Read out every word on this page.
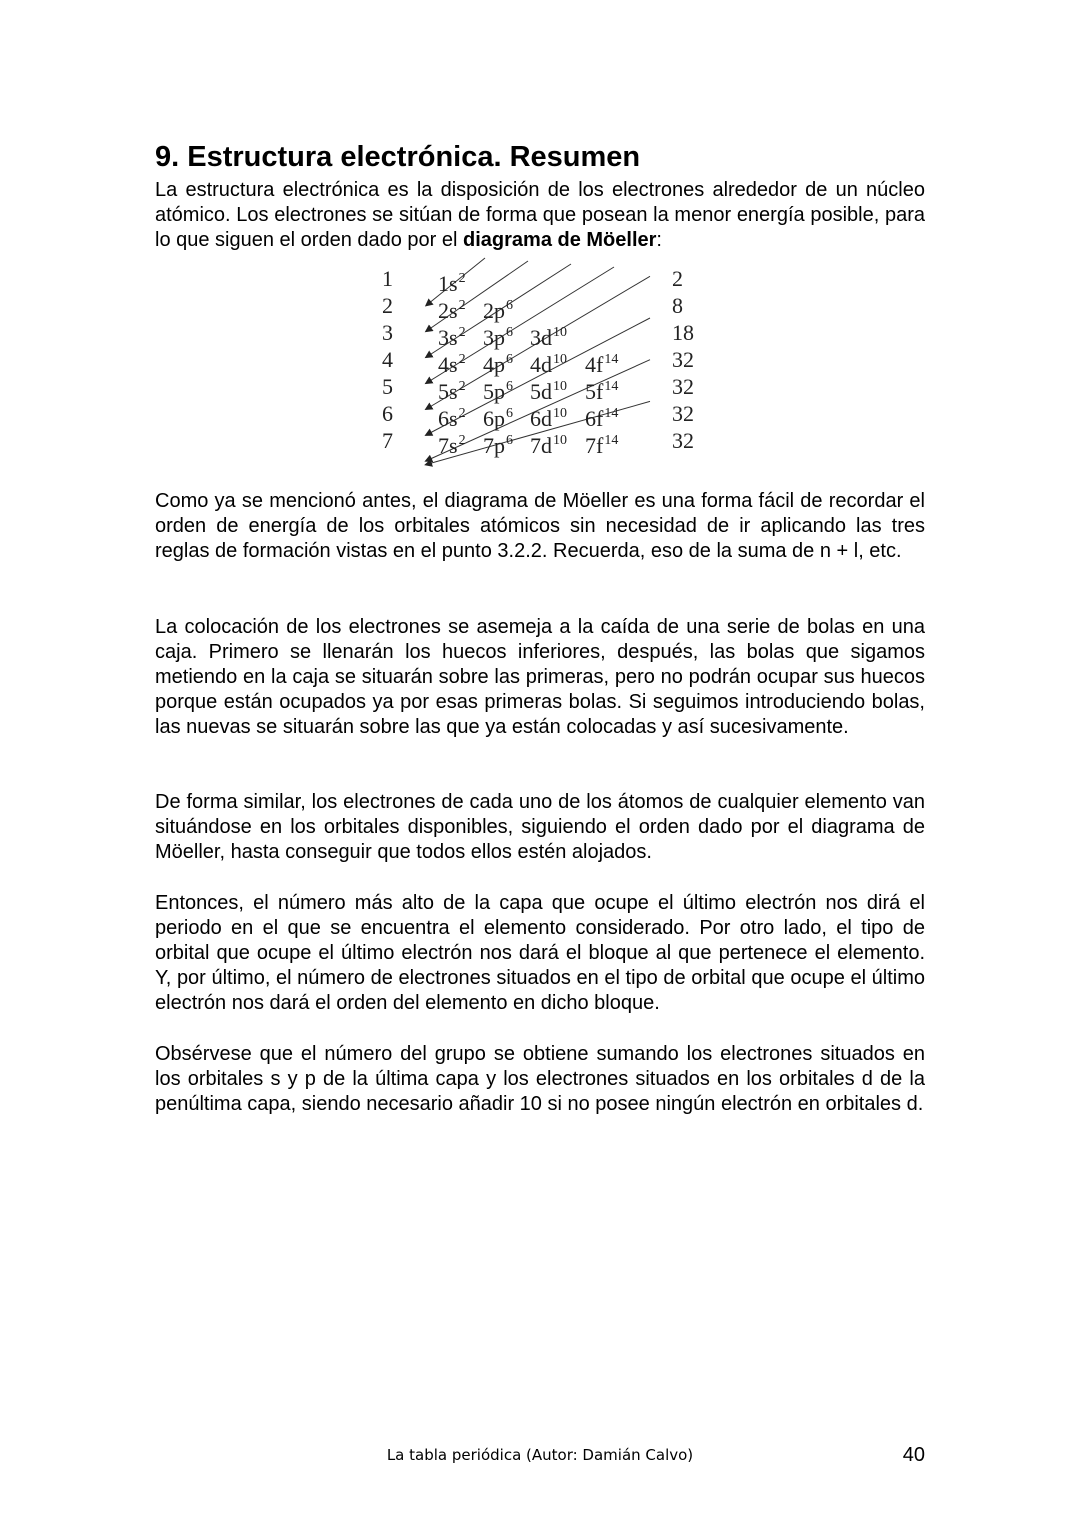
9. Estructura electrónica. Resumen

La estructura electrónica es la disposición de los electrones alrededor de un núcleo atómico. Los electrones se sitúan de forma que posean la menor energía posible, para lo que siguen el orden dado por el diagrama de Möeller:

1
2
3
4
5
6
7
2
8
18
32
32
32
32
$1s^2$
$2s^2$ $2p^6$
$3s^2$ $3p^6$ $3d^{10}$
$4s^2$ $4p^6$ $4d^{10}$ $4f^{14}$
$5s^2$ $5p^6$ $5d^{10}$ $5f^{14}$
$6s^2$ $6p^6$ $6d^{10}$ $6f^{14}$
$7s^2$ $7p^6$ $7d^{10}$ $7f^{14}$

Como ya se mencionó antes, el diagrama de Möeller es una forma fácil de recordar el orden de energía de los orbitales atómicos sin necesidad de ir aplicando las tres reglas de formación vistas en el punto 3.2.2. Recuerda, eso de la suma de n + l, etc.

La colocación de los electrones se asemeja a la caída de una serie de bolas en una caja. Primero se llenarán los huecos inferiores, después, las bolas que sigamos metiendo en la caja se situarán sobre las primeras, pero no podrán ocupar sus huecos porque están ocupados ya por esas primeras bolas. Si seguimos introduciendo bolas, las nuevas se situarán sobre las que ya están colocadas y así sucesivamente.

De forma similar, los electrones de cada uno de los átomos de cualquier elemento van situándose en los orbitales disponibles, siguiendo el orden dado por el diagrama de Möeller, hasta conseguir que todos ellos estén alojados.

Entonces, el número más alto de la capa que ocupe el último electrón nos dirá el periodo en el que se encuentra el elemento considerado. Por otro lado, el tipo de orbital que ocupe el último electrón nos dará el bloque al que pertenece el elemento. Y, por último, el número de electrones situados en el tipo de orbital que ocupe el último electrón nos dará el orden del elemento en dicho bloque.

Obsérvese que el número del grupo se obtiene sumando los electrones situados en los orbitales s y p de la última capa y los electrones situados en los orbitales d de la penúltima capa, siendo necesario añadir 10 si no posee ningún electrón en orbitales d.

La tabla periódica (Autor: Damián Calvo)	40
